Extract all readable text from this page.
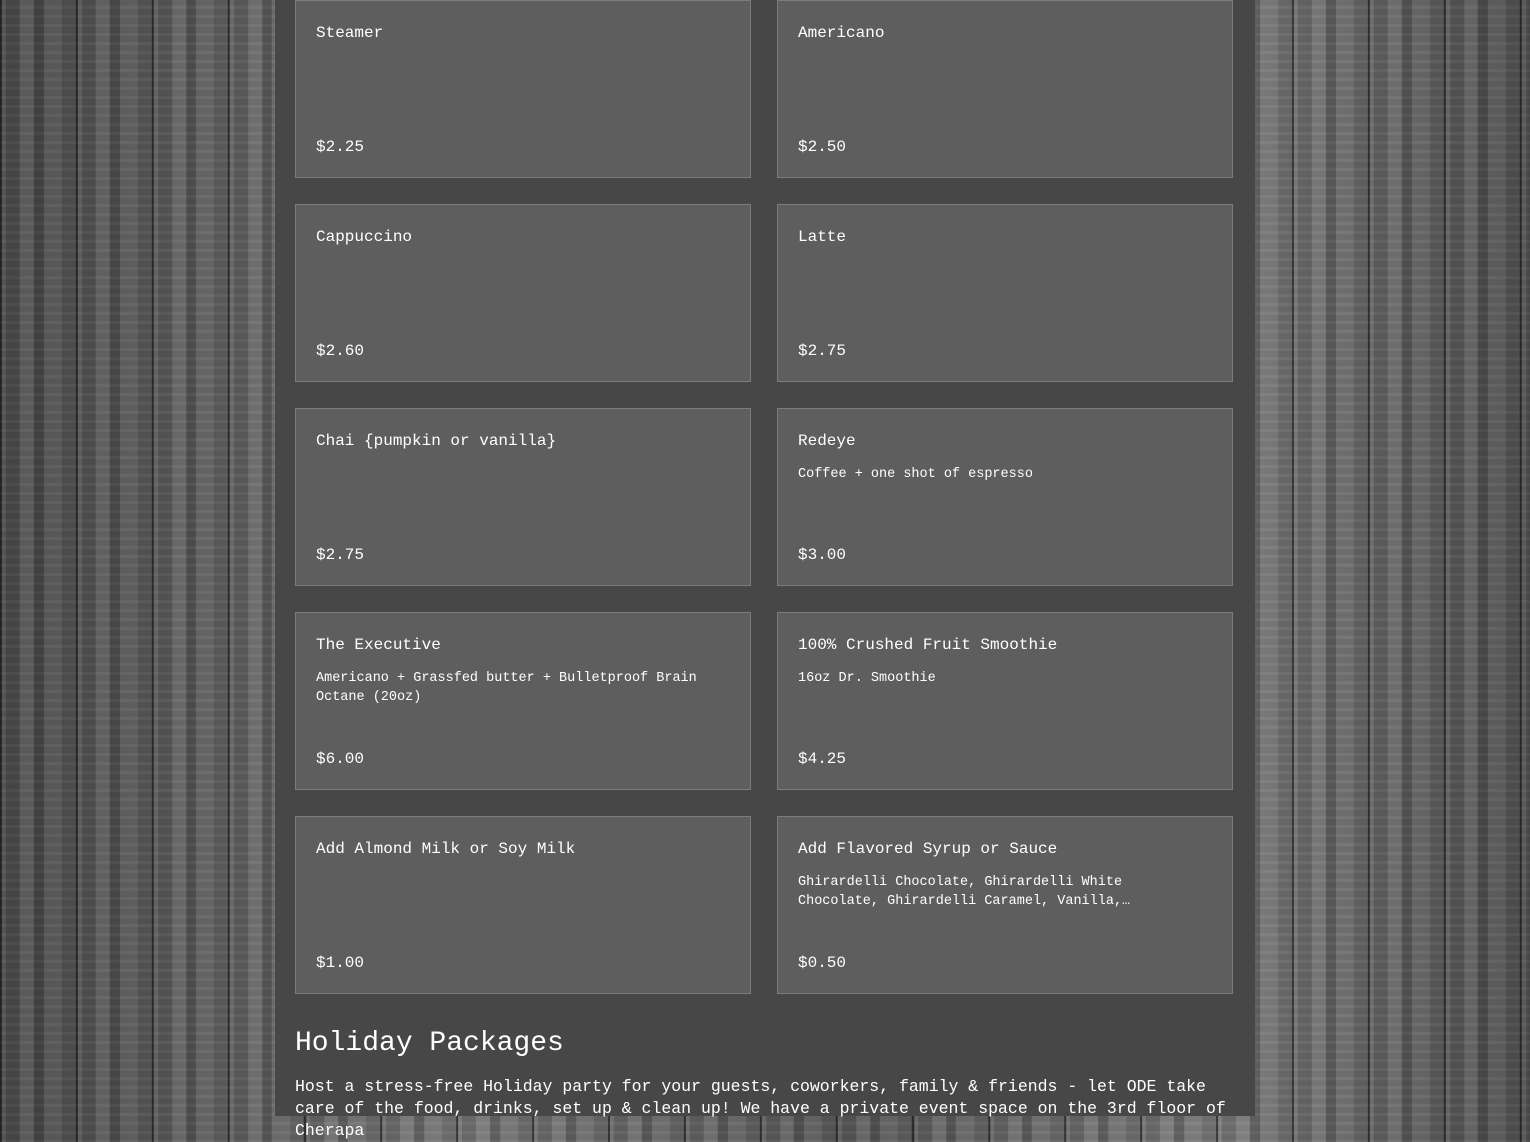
Steamer
$2.25
Americano
$2.50
Cappuccino
$2.60
Latte
$2.75
Chai {pumpkin or vanilla}
$2.75
Redeye
Coffee + one shot of espresso
$3.00
The Executive
Americano + Grassfed butter + Bulletproof Brain Octane (20oz)
$6.00
100% Crushed Fruit Smoothie
16oz Dr. Smoothie
$4.25
Add Almond Milk or Soy Milk
$1.00
Add Flavored Syrup or Sauce
Ghirardelli Chocolate, Ghirardelli White Chocolate, Ghirardelli Caramel, Vanilla,…
$0.50
Holiday Packages

Host a stress-free Holiday party for your guests, coworkers, family & friends - let ODE take care of the food, drinks, set up & clean up! We have a private event space on the 3rd floor of Cherapa
